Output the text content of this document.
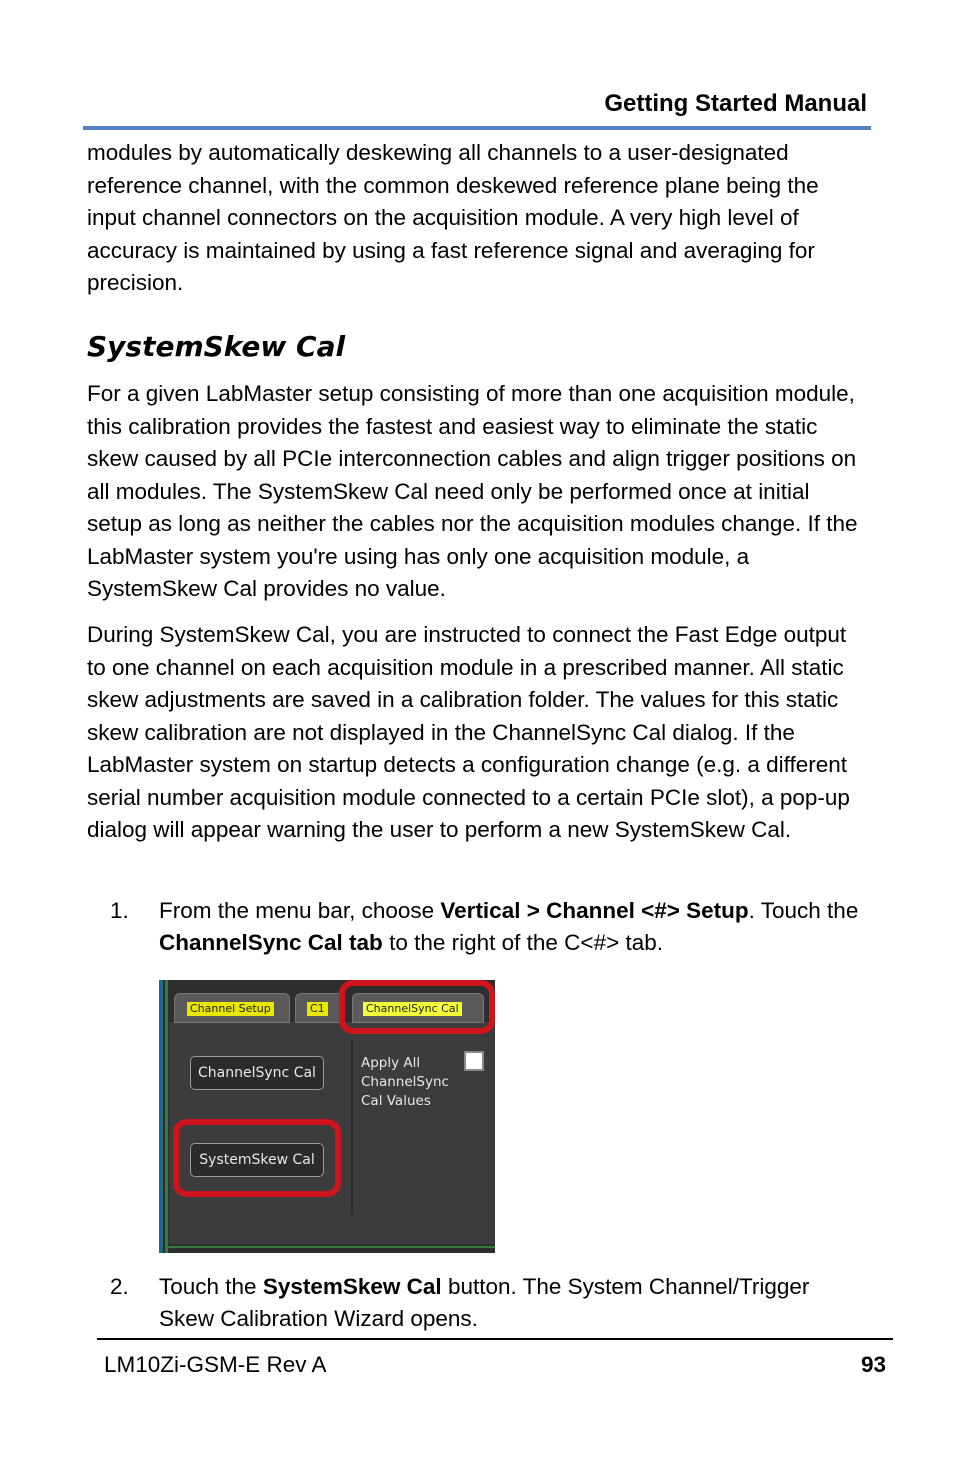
Getting Started Manual

modules by automatically deskewing all channels to a user-designated reference channel, with the common deskewed reference plane being the input channel connectors on the acquisition module. A very high level of accuracy is maintained by using a fast reference signal and averaging for precision.

SystemSkew Cal

For a given LabMaster setup consisting of more than one acquisition module, this calibration provides the fastest and easiest way to eliminate the static skew caused by all PCIe interconnection cables and align trigger positions on all modules. The SystemSkew Cal need only be performed once at initial setup as long as neither the cables nor the acquisition modules change. If the LabMaster system you're using has only one acquisition module, a SystemSkew Cal provides no value.

During SystemSkew Cal, you are instructed to connect the Fast Edge output to one channel on each acquisition module in a prescribed manner. All static skew adjustments are saved in a calibration folder. The values for this static skew calibration are not displayed in the ChannelSync Cal dialog. If the LabMaster system on startup detects a configuration change (e.g. a different serial number acquisition module connected to a certain PCIe slot), a pop-up dialog will appear warning the user to perform a new SystemSkew Cal.

1. From the menu bar, choose Vertical > Channel <#> Setup. Touch the ChannelSync Cal tab to the right of the C<#> tab.
Channel Setup	C1	ChannelSync Cal
ChannelSync Cal
SystemSkew Cal
Apply All
ChannelSync
Cal Values
2. Touch the SystemSkew Cal button. The System Channel/Trigger Skew Calibration Wizard opens.
LM10Zi-GSM-E Rev A	93
